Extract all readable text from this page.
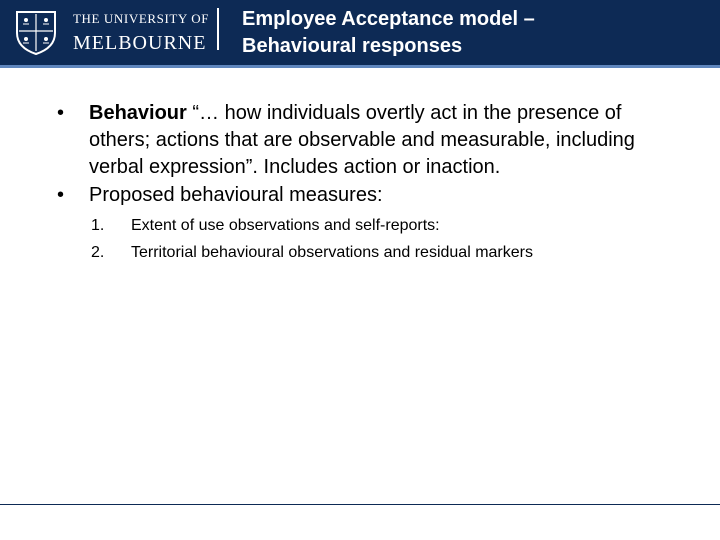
THE UNIVERSITY OF
MELBOURNE
Employee Acceptance model –
Behavioural responses
• Behaviour “… how individuals overtly act in the presence of others; actions that are observable and measurable, including verbal expression”. Includes action or inaction.
• Proposed behavioural measures:
1. Extent of use observations and self-reports:
2. Territorial behavioural observations and residual markers
